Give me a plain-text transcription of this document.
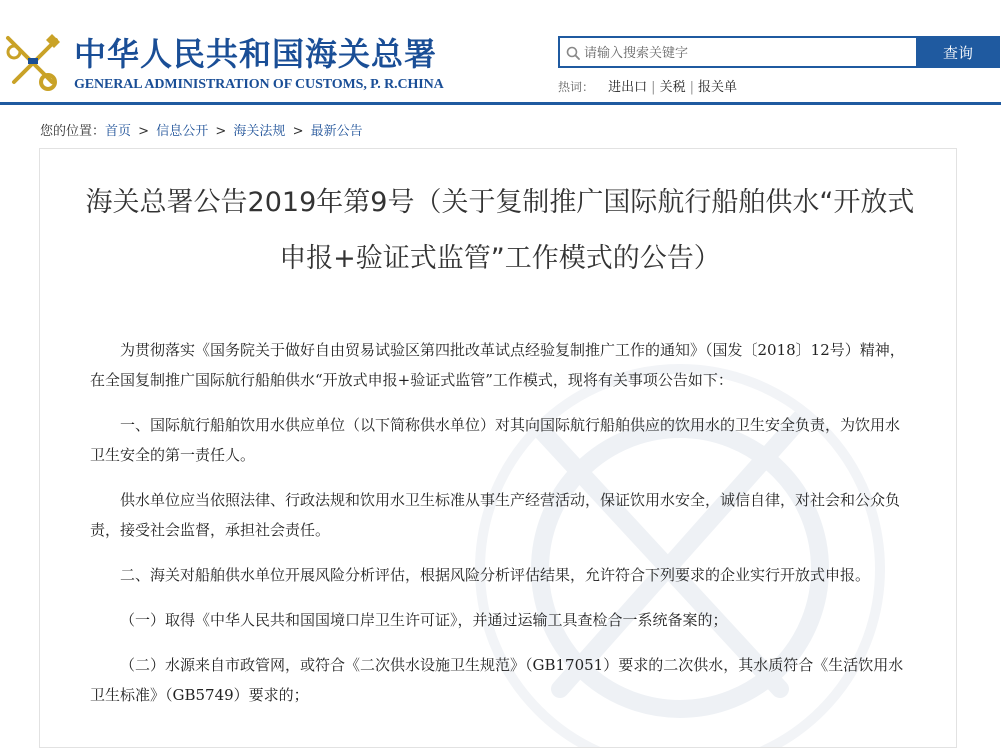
中华人民共和国海关总署
GENERAL ADMINISTRATION OF CUSTOMS, P. R.CHINA
请输入搜索关键字
查询
热词： 进出口 | 关税 | 报关单
您的位置：首页 > 信息公开 > 海关法规 > 最新公告
海关总署公告2019年第9号（关于复制推广国际航行船舶供水“开放式申报+验证式监管”工作模式的公告）

为贯彻落实《国务院关于做好自由贸易试验区第四批改革试点经验复制推广工作的通知》（国发〔2018〕12号）精神，在全国复制推广国际航行船舶供水“开放式申报+验证式监管”工作模式，现将有关事项公告如下：

一、国际航行船舶饮用水供应单位（以下简称供水单位）对其向国际航行船舶供应的饮用水的卫生安全负责，为饮用水卫生安全的第一责任人。

供水单位应当依照法律、行政法规和饮用水卫生标准从事生产经营活动，保证饮用水安全，诚信自律，对社会和公众负责，接受社会监督，承担社会责任。

二、海关对船舶供水单位开展风险分析评估，根据风险分析评估结果，允许符合下列要求的企业实行开放式申报。

（一）取得《中华人民共和国国境口岸卫生许可证》，并通过运输工具查检合一系统备案的；

（二）水源来自市政管网，或符合《二次供水设施卫生规范》（GB17051）要求的二次供水，其水质符合《生活饮用水卫生标准》（GB5749）要求的；
